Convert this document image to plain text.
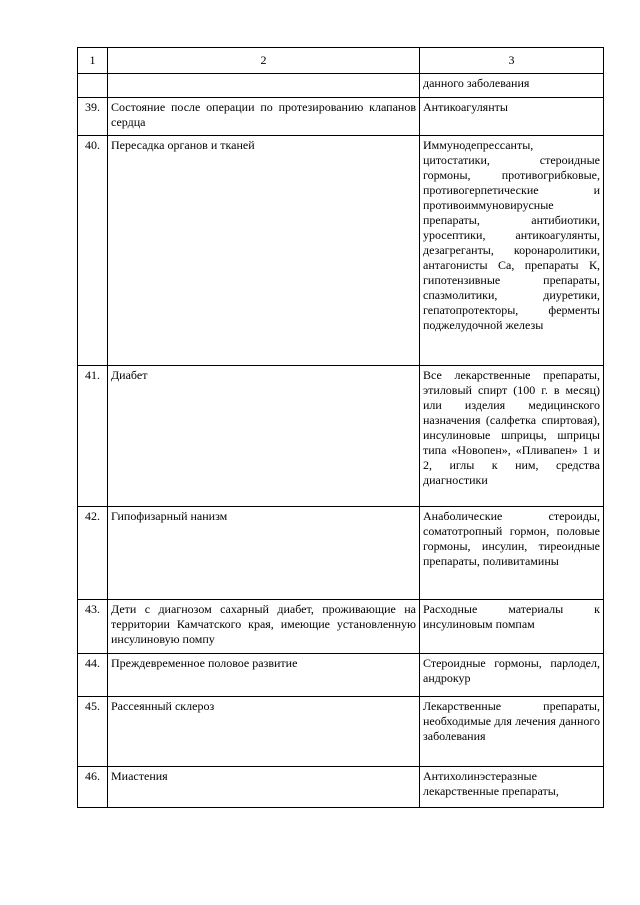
1	2	3
		данного заболевания
39.	Состояние после операции по протезированию клапанов сердца	Антикоагулянты
40.	Пересадка органов и тканей	Иммунодепрессанты, цитостатики, стероидные гормоны, противогрибковые, противогерпетические и противоиммуновирусные препараты, антибиотики, уросептики, антикоагулянты, дезагреганты, коронаролитики, антагонисты Са, препараты К, гипотензивные препараты, спазмолитики, диуретики, гепатопротекторы, ферменты поджелудочной железы
41.	Диабет	Все лекарственные препараты, этиловый спирт (100 г. в месяц) или изделия медицинского назначения (салфетка спиртовая), инсулиновые шприцы, шприцы типа «Новопен», «Пливапен» 1 и 2, иглы к ним, средства диагностики
42.	Гипофизарный нанизм	Анаболические стероиды, соматотропный гормон, половые гормоны, инсулин, тиреоидные препараты, поливитамины
43.	Дети с диагнозом сахарный диабет, проживающие на территории Камчатского края, имеющие установленную инсулиновую помпу	Расходные материалы к инсулиновым помпам
44.	Преждевременное половое развитие	Стероидные гормоны, парлодел, андрокур
45.	Рассеянный склероз	Лекарственные препараты, необходимые для лечения данного заболевания
46.	Миастения	Антихолинэстеразные лекарственные препараты,
